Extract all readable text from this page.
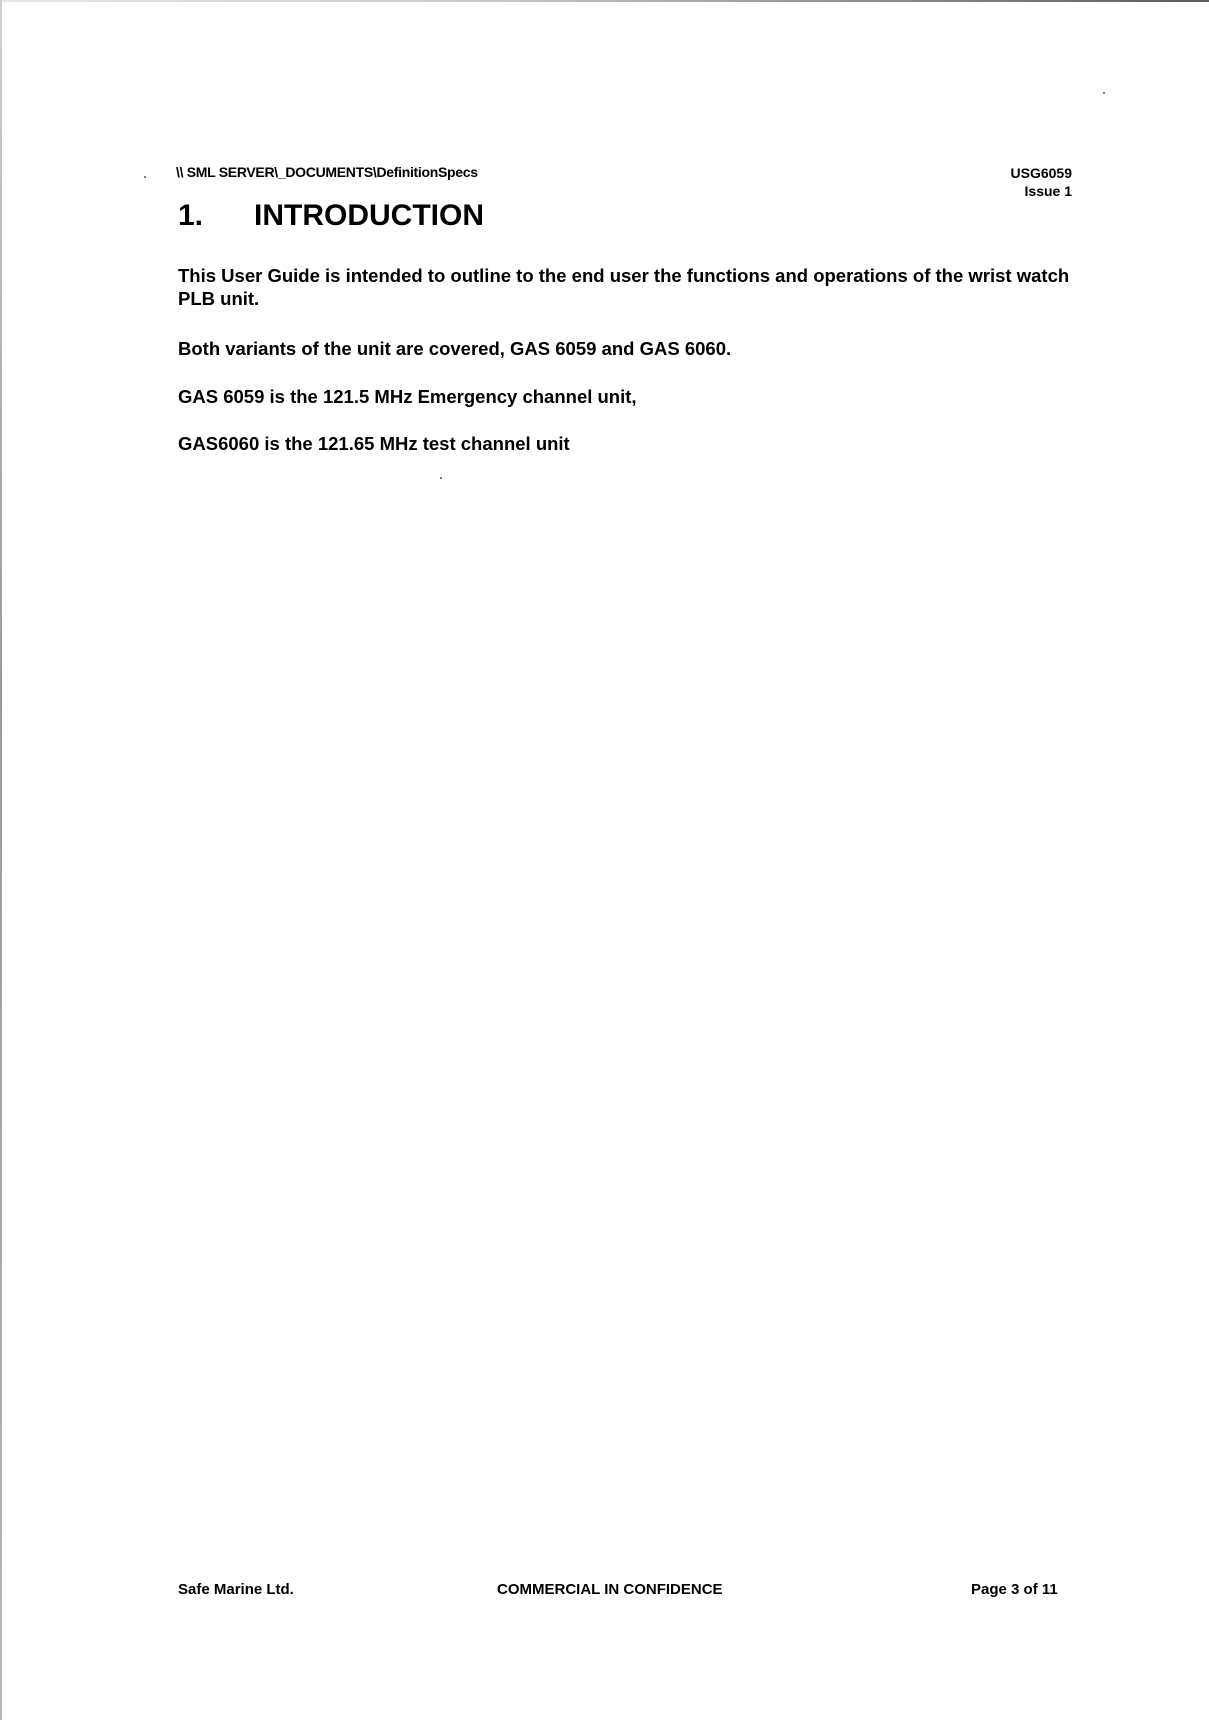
\\ SML SERVER\_DOCUMENTS\DefinitionSpecs	USG6059
Issue 1
1. INTRODUCTION
This User Guide is intended to outline to the end user the functions and operations of the wrist watch PLB unit.
Both variants of the unit are covered, GAS 6059 and GAS 6060.
GAS 6059 is the 121.5 MHz Emergency channel unit,
GAS6060 is the 121.65 MHz test channel unit
Safe Marine Ltd.	COMMERCIAL IN CONFIDENCE	Page 3 of 11
